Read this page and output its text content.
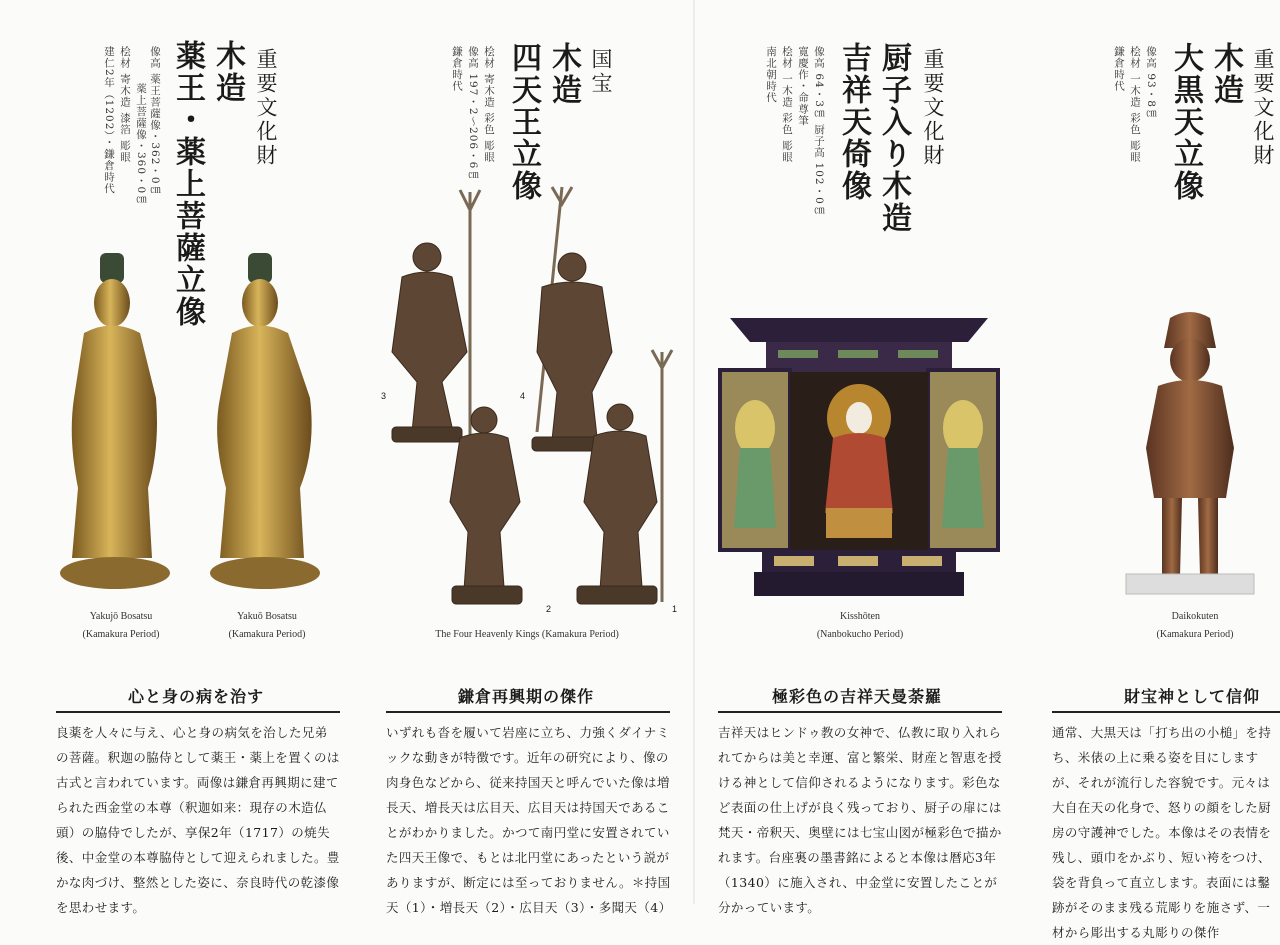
重要文化財
木造
薬王・薬上菩薩立像
像高 薬王菩薩像・362・0㎝
薬上菩薩像・360・0㎝
桧材 寄木造 漆箔 彫眼
建仁2年（1202）・鎌倉時代
Yakujō Bosatsu
(Kamakura Period)
Yakuō Bosatsu
(Kamakura Period)
心と身の病を治す
良薬を人々に与え、心と身の病気を治した兄弟の菩薩。釈迦の脇侍として薬王・薬上を置くのは古式と言われています。両像は鎌倉再興期に建てられた西金堂の本尊（釈迦如来：現存の木造仏頭）の脇侍でしたが、享保2年（1717）の焼失後、中金堂の本尊脇侍として迎えられました。豊かな肉づけ、整然とした姿に、奈良時代の乾漆像を思わせます。
国宝
木造
四天王立像
桧材 寄木造 彩色 彫眼
像高 197・2～206・6㎝
鎌倉時代
3	4
2	1
The Four Heavenly Kings (Kamakura Period)
鎌倉再興期の傑作
いずれも沓を履いて岩座に立ち、力強くダイナミックな動きが特徴です。近年の研究により、像の肉身色などから、従来持国天と呼んでいた像は増長天、増長天は広目天、広目天は持国天であることがわかりました。かつて南円堂に安置されていた四天王像で、もとは北円堂にあったという説がありますが、断定には至っておりません。＊持国天（1）・増長天（2）・広目天（3）・多聞天（4）
重要文化財
厨子入り木造
吉祥天倚像
像高 64・3㎝ 厨子高 102・0㎝
寛慶作・命尊筆
桧材 一木造 彩色 彫眼
南北朝時代
Kisshōten
(Nanbokucho Period)
極彩色の吉祥天曼荼羅
吉祥天はヒンドゥ教の女神で、仏教に取り入れられてからは美と幸運、富と繁栄、財産と智恵を授ける神として信仰されるようになります。彩色など表面の仕上げが良く残っており、厨子の扉には梵天・帝釈天、奥壁には七宝山図が極彩色で描かれます。台座裏の墨書銘によると本像は暦応3年（1340）に施入され、中金堂に安置したことが分かっています。
重要文化財
木造
大黒天立像
像高 93・8㎝
桧材 一木造 彩色 彫眼
鎌倉時代
Daikokuten
(Kamakura Period)
財宝神として信仰
通常、大黒天は「打ち出の小槌」を持ち、米俵の上に乗る姿を目にしますが、それが流行した容貌です。元々は大自在天の化身で、怒りの顔をした厨房の守護神でした。本像はその表情を残し、頭巾をかぶり、短い袴をつけ、袋を背負って直立します。表面には鑿跡がそのまま残る荒彫りを施さず、一材から彫出する丸彫りの傑作
